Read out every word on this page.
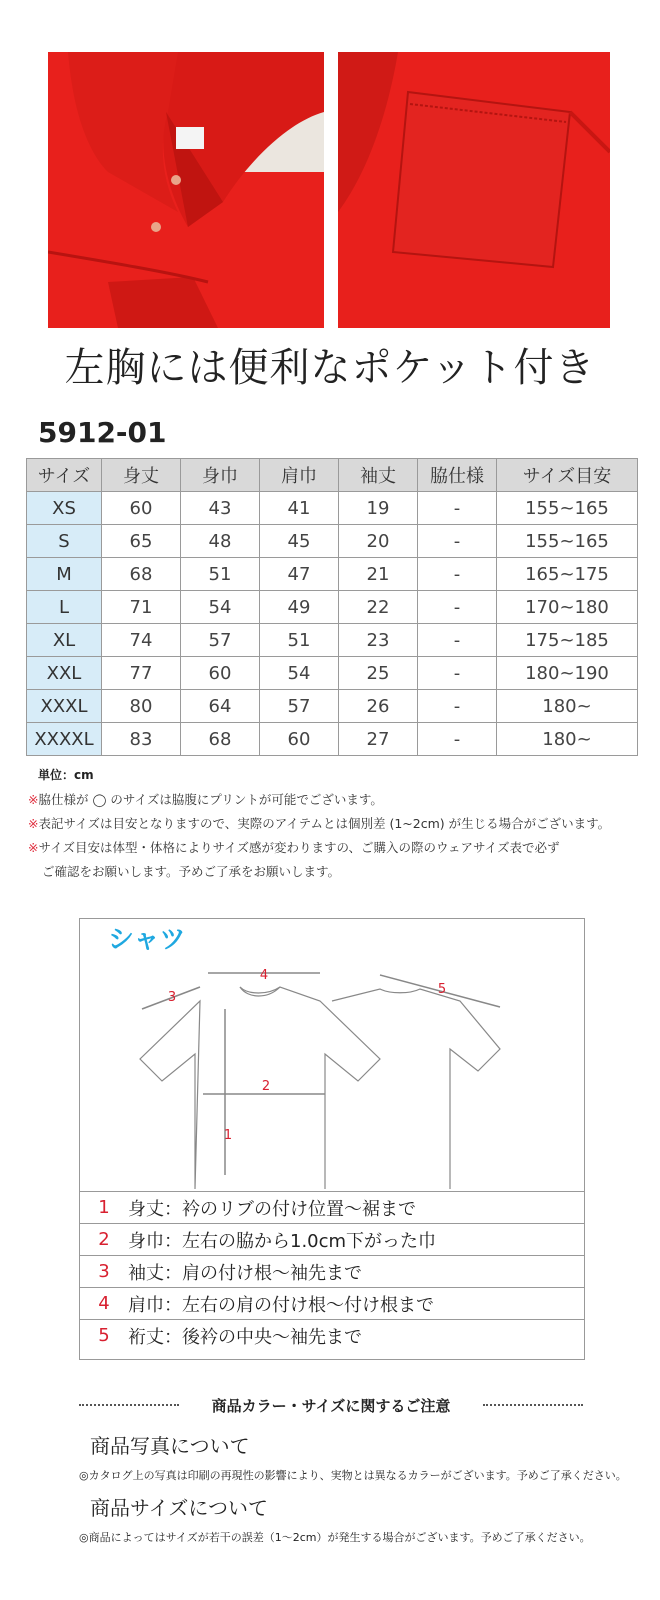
左胸には便利なポケット付き
5912-01
サイズ	身丈	身巾	肩巾	袖丈	脇仕様	サイズ目安
XS	60	43	41	19	-	155~165
S	65	48	45	20	-	155~165
M	68	51	47	21	-	165~175
L	71	54	49	22	-	170~180
XL	74	57	51	23	-	175~185
XXL	77	60	54	25	-	180~190
XXXL	80	64	57	26	-	180~
XXXXL	83	68	60	27	-	180~
単位：cm
※脇仕様が ◯ のサイズは脇腹にプリントが可能でございます。
※表記サイズは目安となりますので、実際のアイテムとは個別差 (1~2cm) が生じる場合がございます。
※サイズ目安は体型・体格によりサイズ感が変わりますの、ご購入の際のウェアサイズ表で必ず
ご確認をお願いします。予めご了承をお願いします。
シャツ
1
2
3
4
5
1	身丈：衿のリブの付け位置〜裾まで
2	身巾：左右の脇から1.0cm下がった巾
3	袖丈：肩の付け根〜袖先まで
4	肩巾：左右の肩の付け根〜付け根まで
5	裄丈：後衿の中央〜袖先まで
商品カラー・サイズに関するご注意
商品写真について
◎カタログ上の写真は印刷の再現性の影響により、実物とは異なるカラーがございます。予めご了承ください。
商品サイズについて
◎商品によってはサイズが若干の誤差（1〜2cm）が発生する場合がございます。予めご了承ください。
